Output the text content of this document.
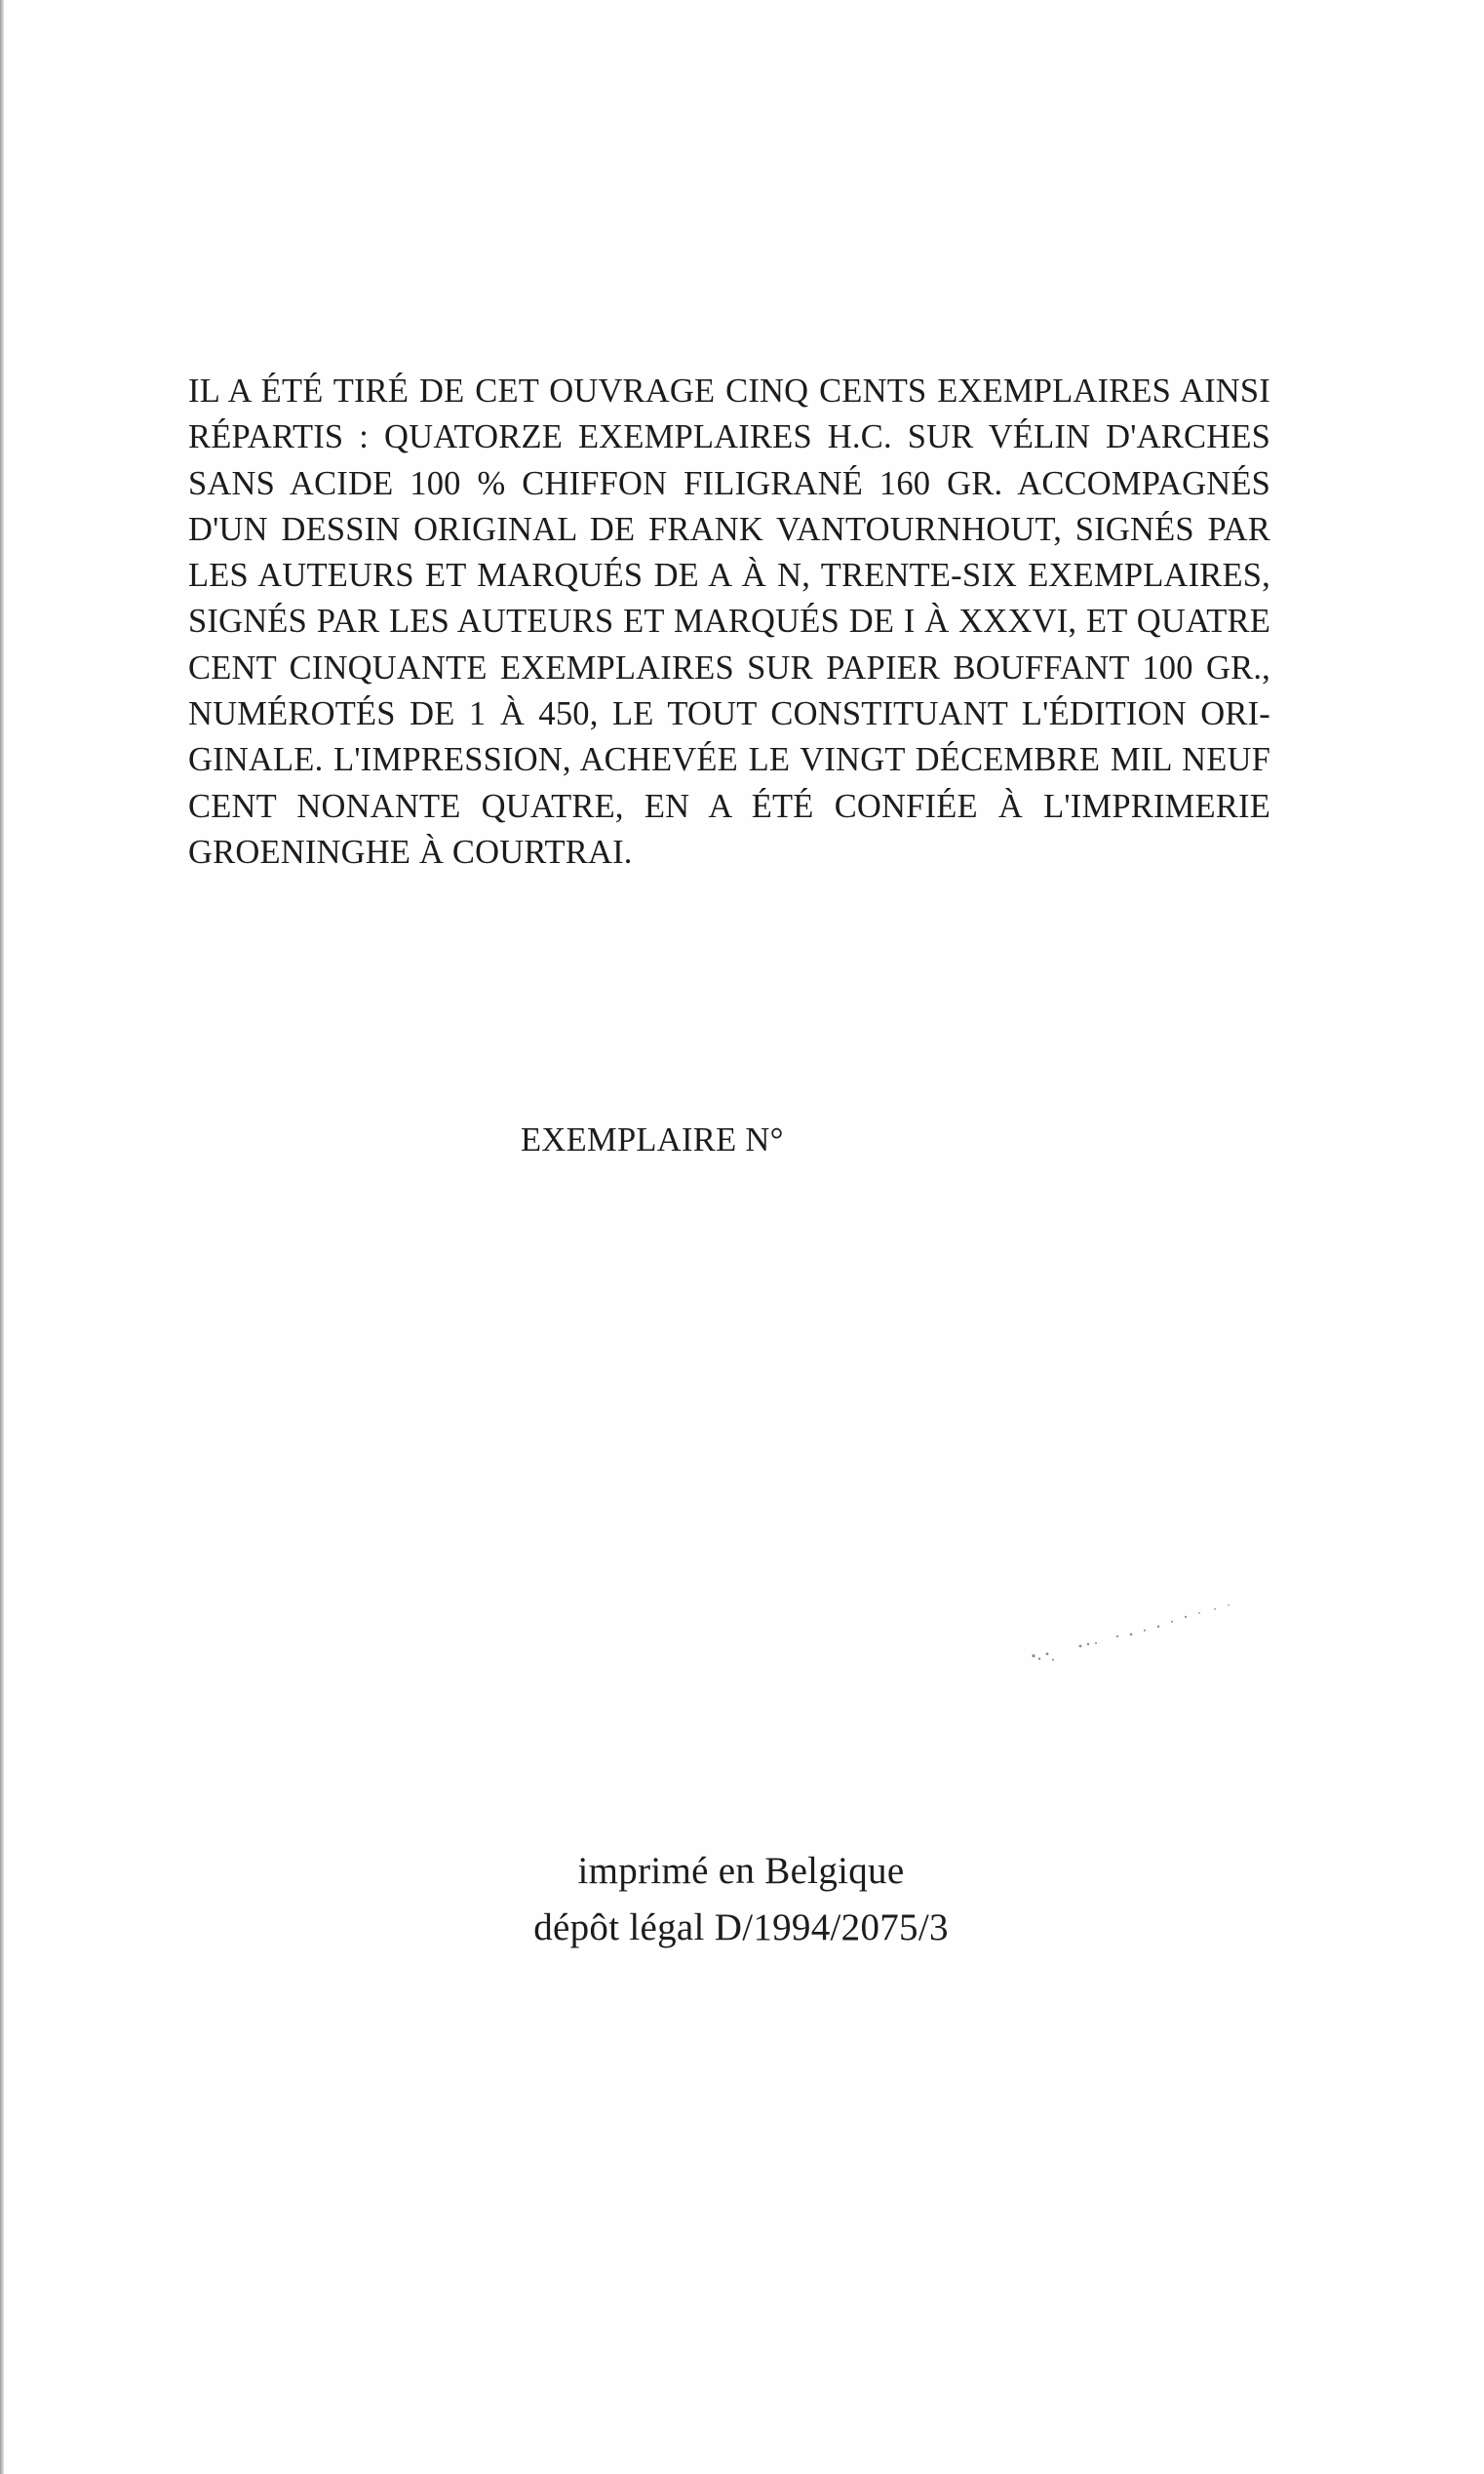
IL A ÉTÉ TIRÉ DE CET OUVRAGE CINQ CENTS EXEMPLAIRES AINSI
RÉPARTIS : QUATORZE EXEMPLAIRES H.C. SUR VÉLIN D'ARCHES
SANS ACIDE 100 % CHIFFON FILIGRANÉ 160 GR. ACCOMPAGNÉS
D'UN DESSIN ORIGINAL DE FRANK VANTOURNHOUT, SIGNÉS PAR
LES AUTEURS ET MARQUÉS DE A À N, TRENTE-SIX EXEMPLAIRES,
SIGNÉS PAR LES AUTEURS ET MARQUÉS DE I À XXXVI, ET QUATRE
CENT CINQUANTE EXEMPLAIRES SUR PAPIER BOUFFANT 100 GR.,
NUMÉROTÉS DE 1 À 450, LE TOUT CONSTITUANT L'ÉDITION ORI-
GINALE. L'IMPRESSION, ACHEVÉE LE VINGT DÉCEMBRE MIL NEUF
CENT NONANTE QUATRE, EN A ÉTÉ CONFIÉE À L'IMPRIMERIE
GROENINGHE À COURTRAI.

EXEMPLAIRE N°
imprimé en Belgique
dépôt légal D/1994/2075/3
